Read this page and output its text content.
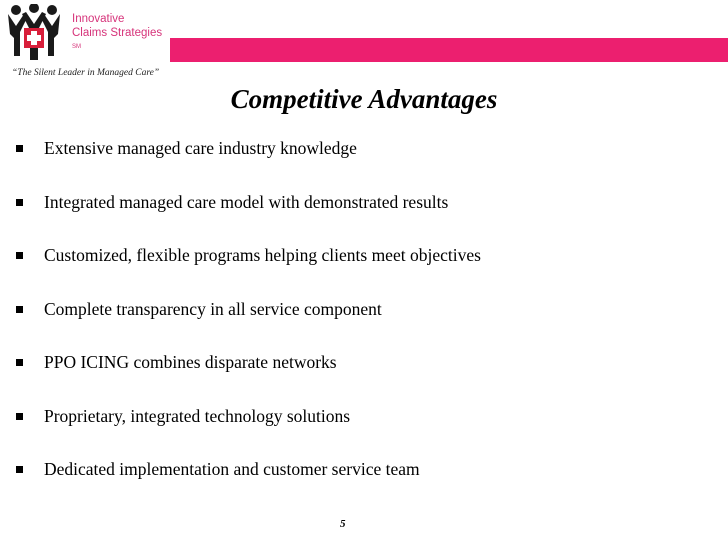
Innovative
Claims Strategies
SM
“The Silent Leader in Managed Care”
Competitive Advantages
Extensive managed care industry knowledge
Integrated managed care model with demonstrated results
Customized, flexible programs helping clients meet objectives
Complete transparency in all service component
PPO ICING combines disparate networks
Proprietary, integrated technology solutions
Dedicated implementation and customer service team
5
